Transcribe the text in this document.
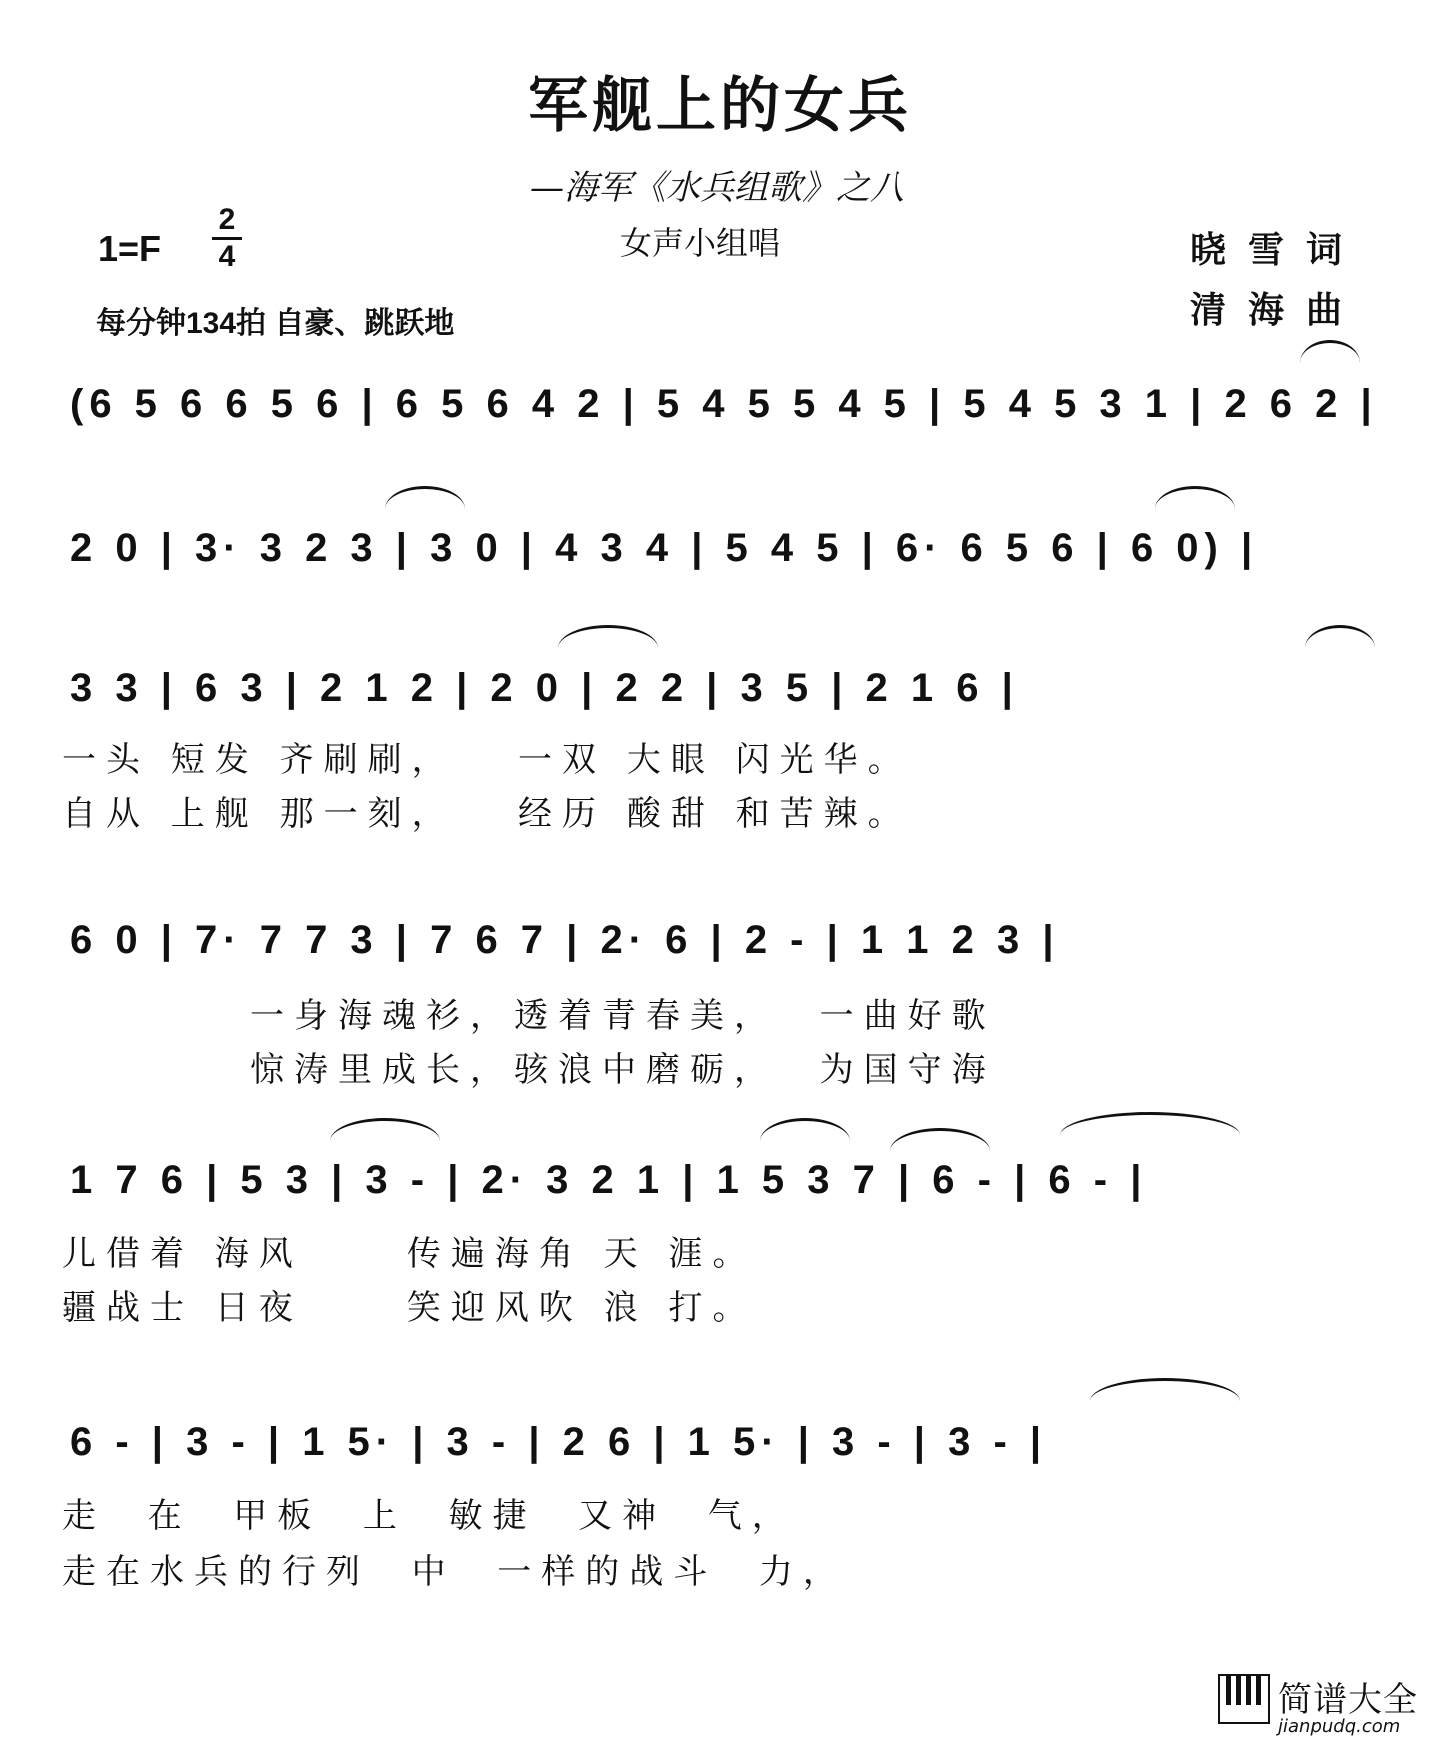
军舰上的女兵
—海军《水兵组歌》之八
女声小组唱
$1=F \frac{2}{4}$
每分钟134拍 自豪、跳跃地
晓雪词
清海曲
(6 5 6 6 5 6 | 6 5 6 4 2 | 5 4 5 5 4 5 | 5 4 5 3 1 | 2 6 2 |
2 0 | 3· 3 2 3 | 3 0 | 4 3 4 | 5 4 5 | 6· 6 5 6 | 6 0) |
3 3 | 6 3 | 2 1 2 | 2 0 | 2 2 | 3 5 | 2 1 6 |
一头 短发 齐刷刷，   一双 大眼 闪光华。
自从 上舰 那一刻，   经历 酸甜 和苦辣。
6 0 | 7· 7 7 3 | 7 6 7 | 2· 6 | 2 - | 1 1 2 3 |
一身海魂衫，透着青春美，  一曲好歌
惊涛里成长，骇浪中磨砺，  为国守海
1 7 6 | 5 3 | 3 - | 2· 3 2 1 | 1 5 3 7 | 6 - | 6 - |
儿借着 海风     传遍海角 天 涯。
疆战士 日夜     笑迎风吹 浪 打。
6 - | 3 - | 1 5· | 3 - | 2 6 | 1 5· | 3 - | 3 - |
走  在  甲板  上  敏捷  又神  气，
走在水兵的行列  中  一样的战斗  力，
简谱大全
jianpudq.com
